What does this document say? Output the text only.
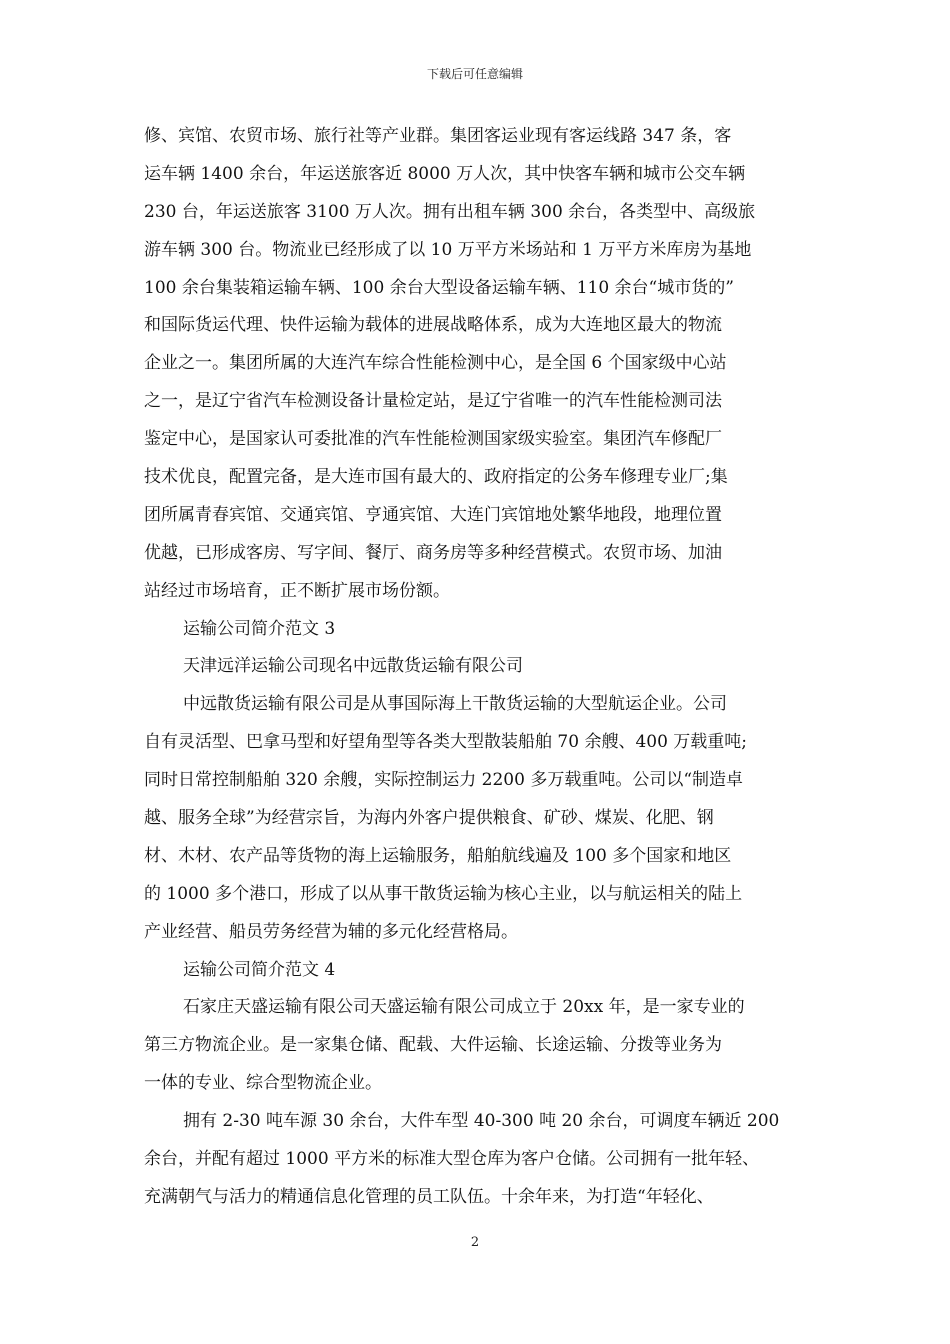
下载后可任意编辑
修、宾馆、农贸市场、旅行社等产业群。集团客运业现有客运线路 347 条，客
运车辆 1400 余台，年运送旅客近 8000 万人次，其中快客车辆和城市公交车辆
230 台，年运送旅客 3100 万人次。拥有出租车辆 300 余台，各类型中、高级旅
游车辆 300 台。物流业已经形成了以 10 万平方米场站和 1 万平方米库房为基地
100 余台集装箱运输车辆、100 余台大型设备运输车辆、110 余台“城市货的”
和国际货运代理、快件运输为载体的进展战略体系，成为大连地区最大的物流
企业之一。集团所属的大连汽车综合性能检测中心，是全国 6 个国家级中心站
之一，是辽宁省汽车检测设备计量检定站，是辽宁省唯一的汽车性能检测司法
鉴定中心，是国家认可委批准的汽车性能检测国家级实验室。集团汽车修配厂
技术优良，配置完备，是大连市国有最大的、政府指定的公务车修理专业厂;集
团所属青春宾馆、交通宾馆、亨通宾馆、大连门宾馆地处繁华地段，地理位置
优越，已形成客房、写字间、餐厅、商务房等多种经营模式。农贸市场、加油
站经过市场培育，正不断扩展市场份额。
运输公司简介范文 3
天津远洋运输公司现名中远散货运输有限公司
中远散货运输有限公司是从事国际海上干散货运输的大型航运企业。公司
自有灵活型、巴拿马型和好望角型等各类大型散装船舶 70 余艘、400 万载重吨;
同时日常控制船舶 320 余艘，实际控制运力 2200 多万载重吨。公司以“制造卓
越、服务全球”为经营宗旨，为海内外客户提供粮食、矿砂、煤炭、化肥、钢
材、木材、农产品等货物的海上运输服务，船舶航线遍及 100 多个国家和地区
的 1000 多个港口，形成了以从事干散货运输为核心主业，以与航运相关的陆上
产业经营、船员劳务经营为辅的多元化经营格局。
运输公司简介范文 4
石家庄天盛运输有限公司天盛运输有限公司成立于 20xx 年，是一家专业的
第三方物流企业。是一家集仓储、配载、大件运输、长途运输、分拨等业务为
一体的专业、综合型物流企业。
拥有 2-30 吨车源 30 余台，大件车型 40-300 吨 20 余台，可调度车辆近 200
余台，并配有超过 1000 平方米的标准大型仓库为客户仓储。公司拥有一批年轻、
充满朝气与活力的精通信息化管理的员工队伍。十余年来，为打造“年轻化、
2
